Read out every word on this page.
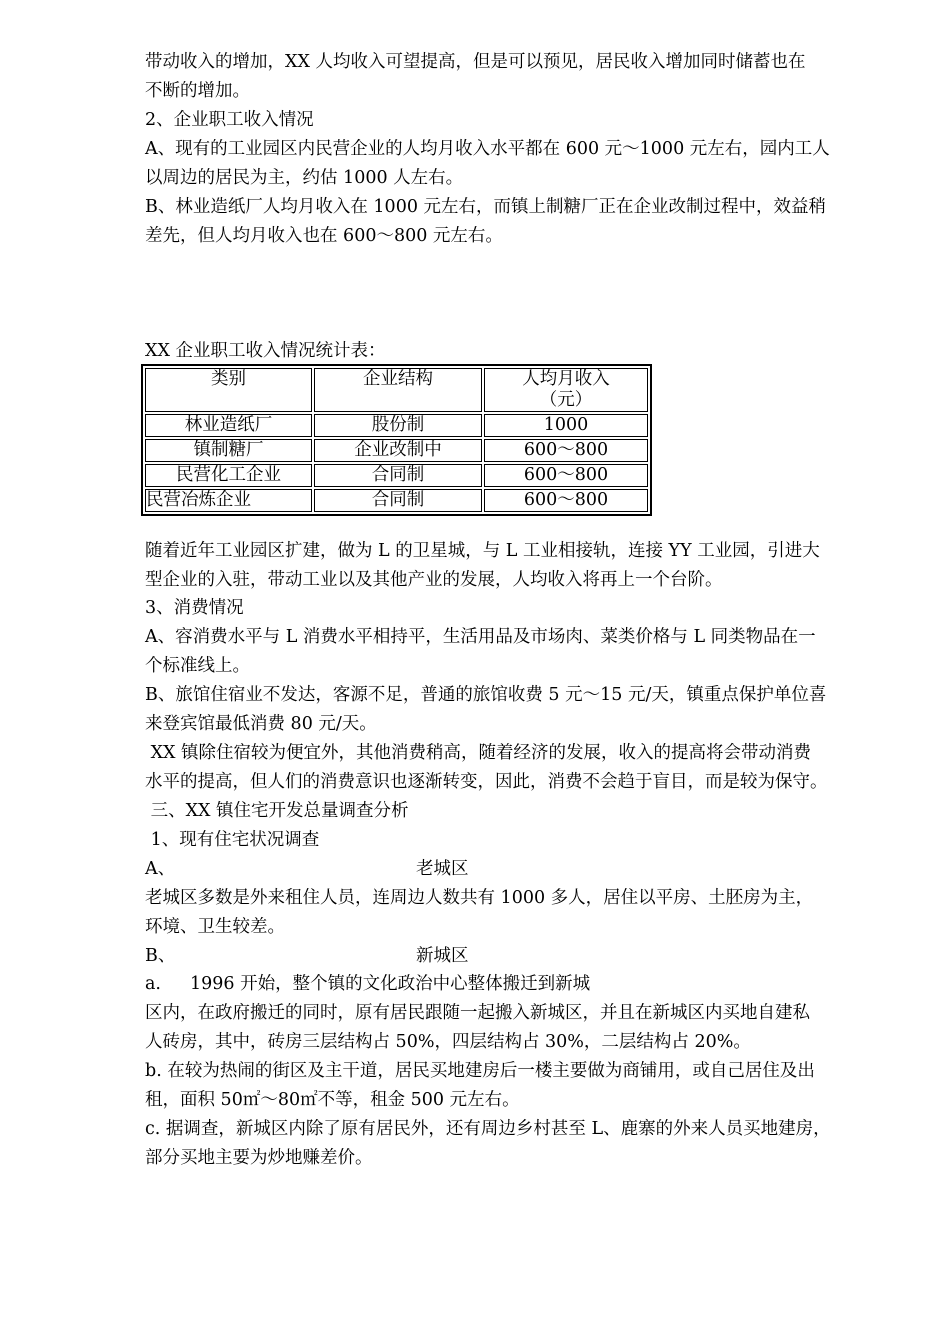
带动收入的增加，XX 人均收入可望提高，但是可以预见，居民收入增加同时储蓄也在
不断的增加。
2、企业职工收入情况
A、现有的工业园区内民营企业的人均月收入水平都在 600 元～1000 元左右，园内工人
以周边的居民为主，约估 1000 人左右。
B、林业造纸厂人均月收入在 1000 元左右，而镇上制糖厂正在企业改制过程中，效益稍
差先，但人均月收入也在 600～800 元左右。
XX 企业职工收入情况统计表：
类别	企业结构	人均月收入
（元）

林业造纸厂	股份制	1000
镇制糖厂	企业改制中	600～800
民营化工企业	合同制	600～800
民营冶炼企业	合同制	600～800
随着近年工业园区扩建，做为 L 的卫星城，与 L 工业相接轨，连接 YY 工业园，引进大
型企业的入驻，带动工业以及其他产业的发展，人均收入将再上一个台阶。
3、消费情况
A、容消费水平与 L 消费水平相持平，生活用品及市场肉、菜类价格与 L 同类物品在一
个标准线上。
B、旅馆住宿业不发达，客源不足，普通的旅馆收费 5 元～15 元/天，镇重点保护单位喜
来登宾馆最低消费 80 元/天。
XX 镇除住宿较为便宜外，其他消费稍高，随着经济的发展，收入的提高将会带动消费
水平的提高，但人们的消费意识也逐渐转变，因此，消费不会趋于盲目，而是较为保守。
三、XX 镇住宅开发总量调查分析
1、现有住宅状况调查
A、	老城区
老城区多数是外来租住人员，连周边人数共有 1000 多人，居住以平房、土胚房为主，
环境、卫生较差。
B、	新城区
a. 1996 开始，整个镇的文化政治中心整体搬迁到新城
区内，在政府搬迁的同时，原有居民跟随一起搬入新城区，并且在新城区内买地自建私
人砖房，其中，砖房三层结构占 50%，四层结构占 30%，二层结构占 20%。
b. 在较为热闹的街区及主干道，居民买地建房后一楼主要做为商铺用，或自己居住及出
租，面积 50㎡～80㎡不等，租金 500 元左右。
c. 据调查，新城区内除了原有居民外，还有周边乡村甚至 L、鹿寨的外来人员买地建房，
部分买地主要为炒地赚差价。
